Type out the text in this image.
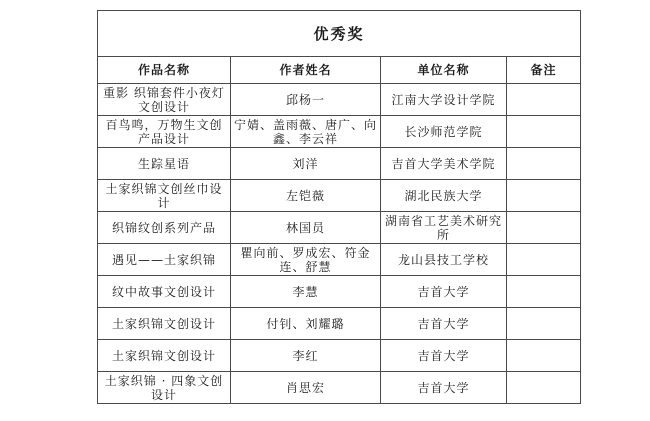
优秀奖			
作品名称	作者姓名	单位名称	备注
重影 织锦套件小夜灯文创设计	邱杨一	江南大学设计学院	
百鸟鸣，万物生文创产品设计	宁婧、盖雨薇、唐广、向鑫、李云祥	长沙师范学院	
生踪星语	刘洋	吉首大学美术学院	
土家织锦文创丝巾设计	左铠薇	湖北民族大学	
织锦纹创系列产品	林国员	湖南省工艺美术研究所	
遇见——土家织锦	瞿向前、罗成宏、符金连、舒慧	龙山县技工学校	
纹中故事文创设计	李慧	吉首大学	
土家织锦文创设计	付钊、刘耀璐	吉首大学	
土家织锦文创设计	李红	吉首大学	
土家织锦 · 四象文创设计	肖思宏	吉首大学	
